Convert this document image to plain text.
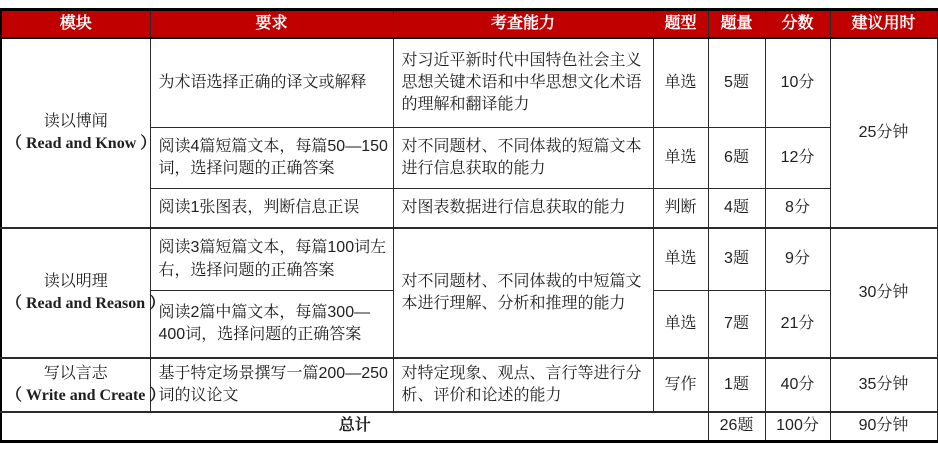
模块	要求	考查能力	题型	题量	分数	建议用时

读以博闻
（ Read and Know ）	为术语选择正确的译文或解释	对习近平新时代中国特色社会主义思想关键术语和中华思想文化术语的理解和翻译能力	单选	5题	10分	25分钟
	阅读4篇短篇文本，每篇50—150词，选择问题的正确答案	对不同题材、不同体裁的短篇文本进行信息获取的能力	单选	6题	12分	
	阅读1张图表，判断信息正误	对图表数据进行信息获取的能力	判断	4题	8分	

读以明理
（ Read and Reason ）	阅读3篇短篇文本，每篇100词左右，选择问题的正确答案	对不同题材、不同体裁的中短篇文本进行理解、分析和推理的能力	单选	3题	9分	30分钟
	阅读2篇中篇文本，每篇300—400词，选择问题的正确答案		单选	7题	21分	

写以言志
（ Write and Create ）	基于特定场景撰写一篇200—250词的议论文	对特定现象、观点、言行等进行分析、评价和论述的能力	写作	1题	40分	35分钟
总计				26题	100分	90分钟
